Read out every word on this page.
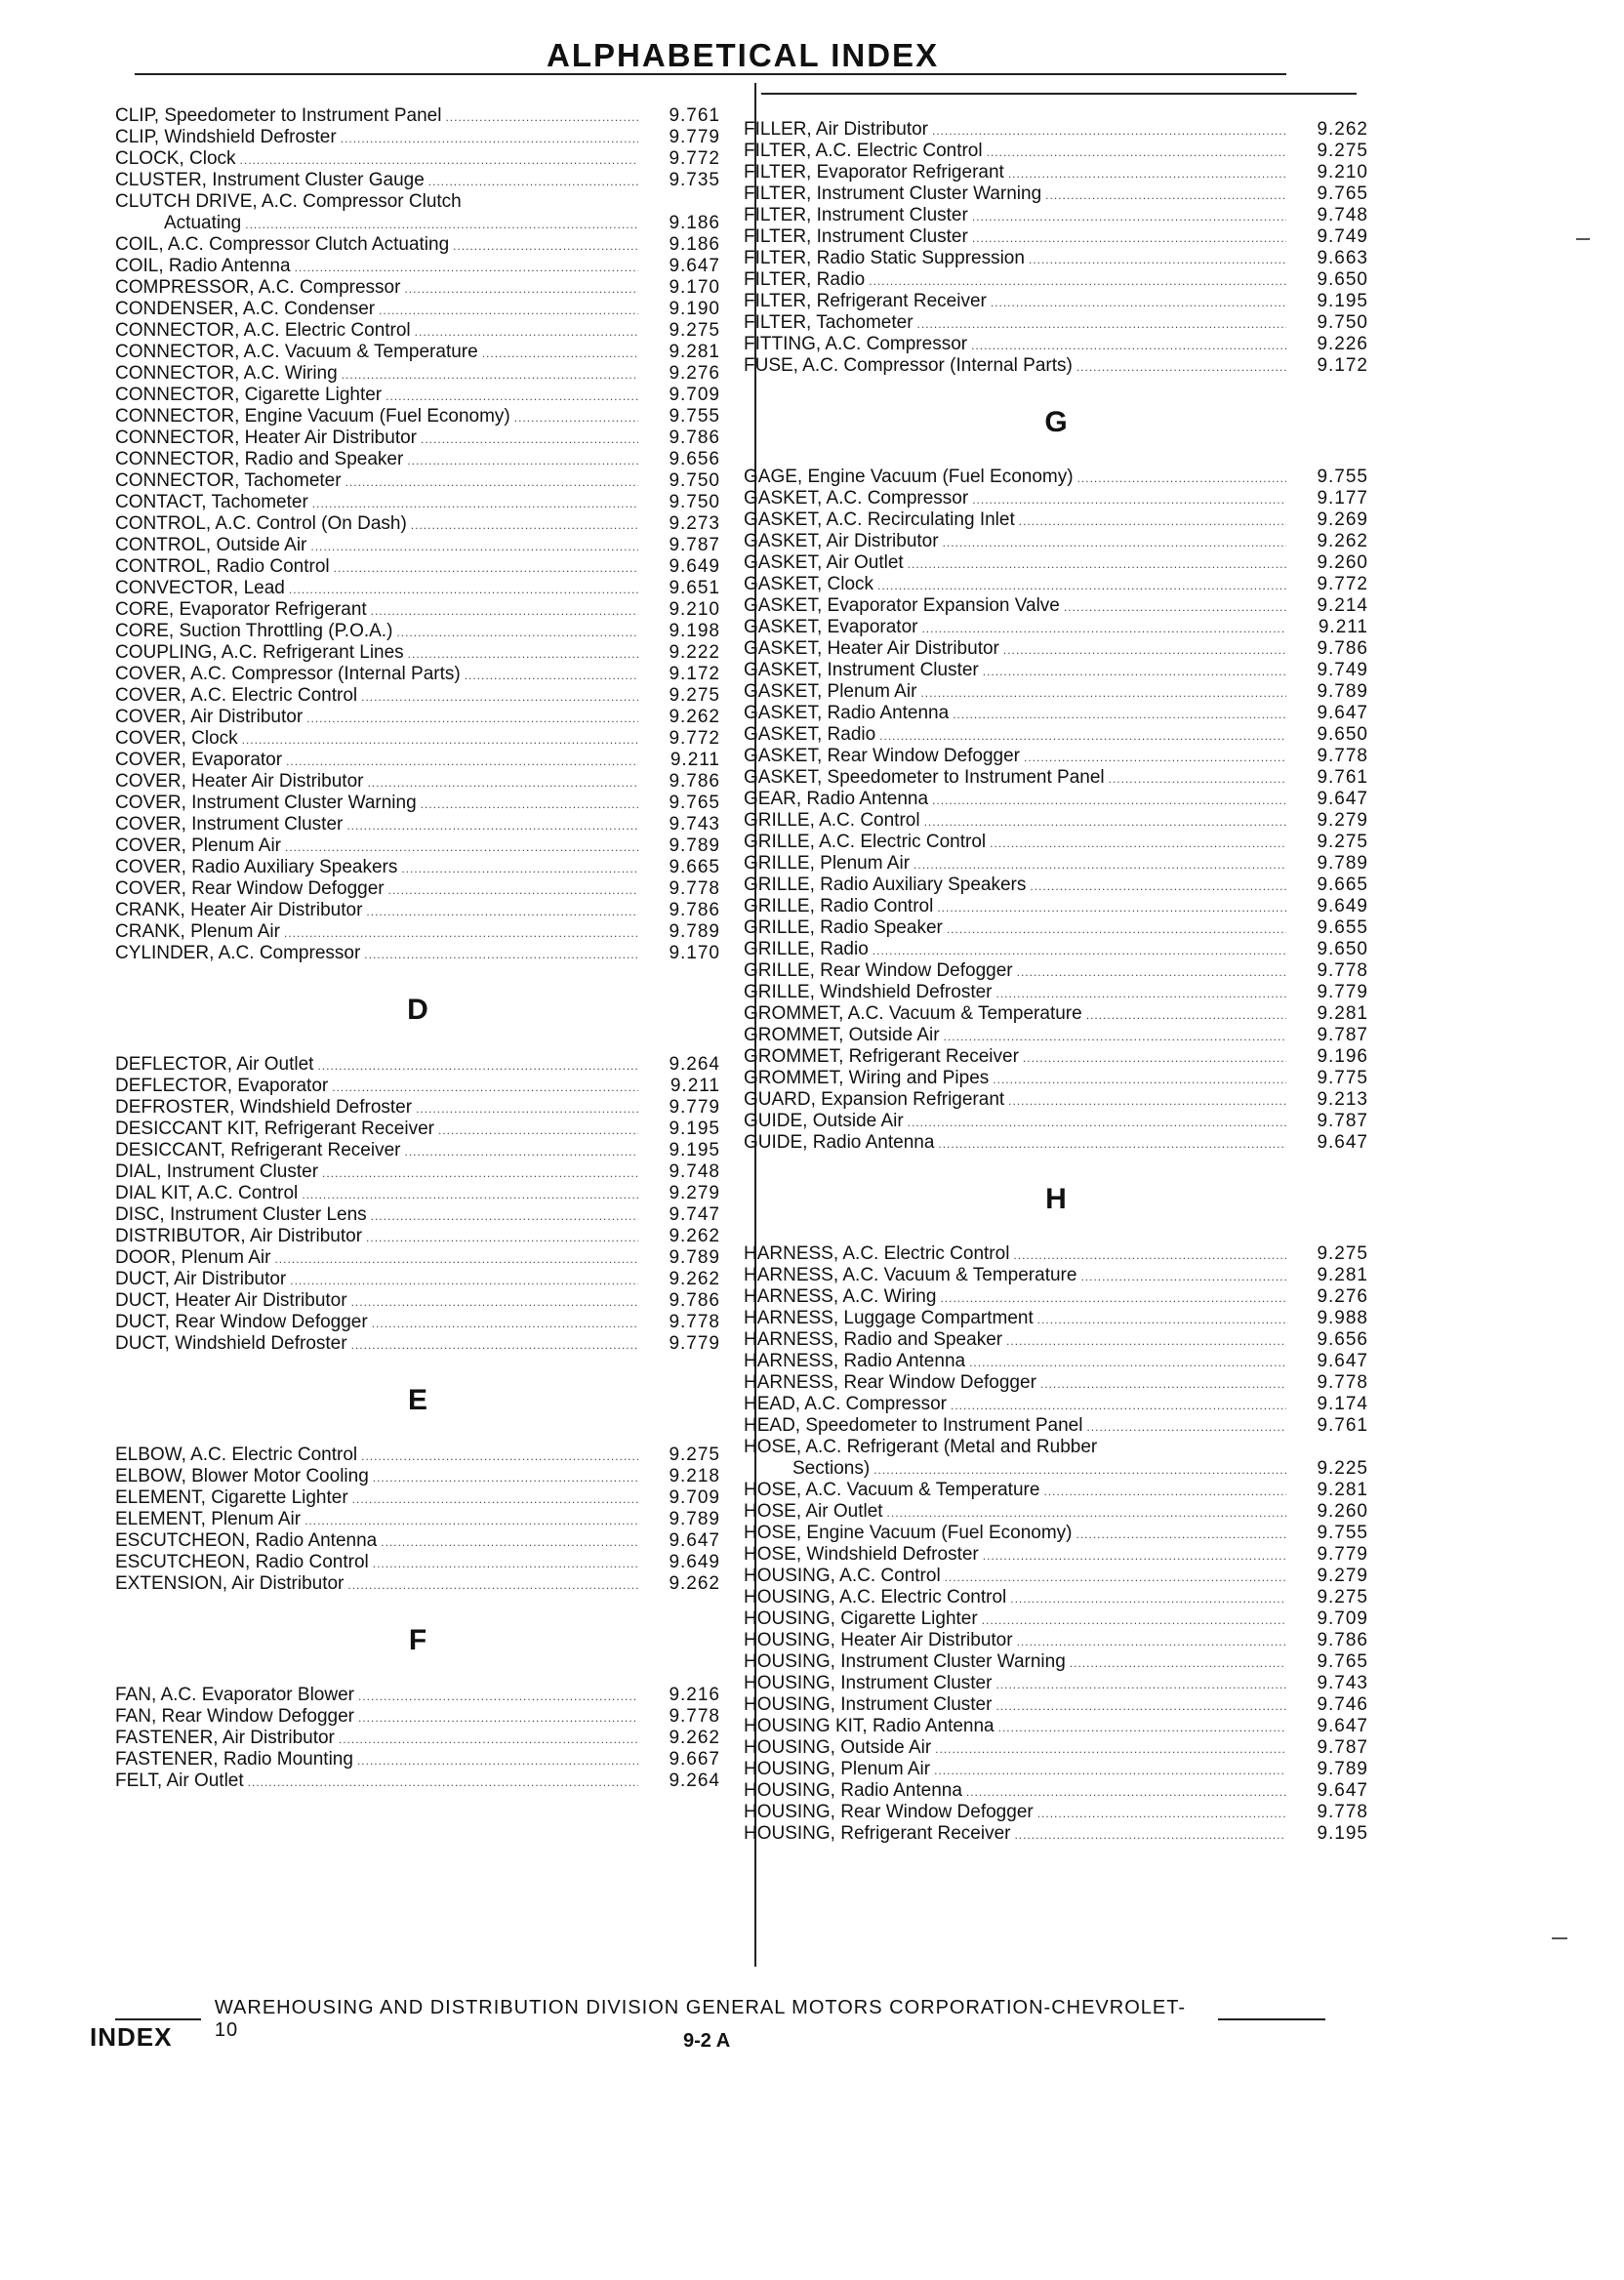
ALPHABETICAL INDEX
CLIP, Speedometer to Instrument Panel .....	9.761
CLIP, Windshield Defroster .....	9.779
CLOCK, Clock .....	9.772
CLUSTER, Instrument Cluster Gauge .....	9.735
CLUTCH DRIVE, A.C. Compressor Clutch
Actuating .....	9.186
COIL, A.C. Compressor Clutch Actuating .....	9.186
COIL, Radio Antenna .....	9.647
COMPRESSOR, A.C. Compressor .....	9.170
CONDENSER, A.C. Condenser .....	9.190
CONNECTOR, A.C. Electric Control .....	9.275
CONNECTOR, A.C. Vacuum & Temperature .....	9.281
CONNECTOR, A.C. Wiring .....	9.276
CONNECTOR, Cigarette Lighter .....	9.709
CONNECTOR, Engine Vacuum (Fuel Economy) .....	9.755
CONNECTOR, Heater Air Distributor .....	9.786
CONNECTOR, Radio and Speaker .....	9.656
CONNECTOR, Tachometer .....	9.750
CONTACT, Tachometer .....	9.750
CONTROL, A.C. Control (On Dash) .....	9.273
CONTROL, Outside Air .....	9.787
CONTROL, Radio Control .....	9.649
CONVECTOR, Lead .....	9.651
CORE, Evaporator Refrigerant .....	9.210
CORE, Suction Throttling (P.O.A.) .....	9.198
COUPLING, A.C. Refrigerant Lines .....	9.222
COVER, A.C. Compressor (Internal Parts) .....	9.172
COVER, A.C. Electric Control .....	9.275
COVER, Air Distributor .....	9.262
COVER, Clock .....	9.772
COVER, Evaporator .....	9.211
COVER, Heater Air Distributor .....	9.786
COVER, Instrument Cluster Warning .....	9.765
COVER, Instrument Cluster .....	9.743
COVER, Plenum Air .....	9.789
COVER, Radio Auxiliary Speakers .....	9.665
COVER, Rear Window Defogger .....	9.778
CRANK, Heater Air Distributor .....	9.786
CRANK, Plenum Air .....	9.789
CYLINDER, A.C. Compressor .....	9.170
D
DEFLECTOR, Air Outlet .....	9.264
DEFLECTOR, Evaporator .....	9.211
DEFROSTER, Windshield Defroster .....	9.779
DESICCANT KIT, Refrigerant Receiver .....	9.195
DESICCANT, Refrigerant Receiver .....	9.195
DIAL, Instrument Cluster .....	9.748
DIAL KIT, A.C. Control .....	9.279
DISC, Instrument Cluster Lens .....	9.747
DISTRIBUTOR, Air Distributor .....	9.262
DOOR, Plenum Air .....	9.789
DUCT, Air Distributor .....	9.262
DUCT, Heater Air Distributor .....	9.786
DUCT, Rear Window Defogger .....	9.778
DUCT, Windshield Defroster .....	9.779
E
ELBOW, A.C. Electric Control .....	9.275
ELBOW, Blower Motor Cooling .....	9.218
ELEMENT, Cigarette Lighter .....	9.709
ELEMENT, Plenum Air .....	9.789
ESCUTCHEON, Radio Antenna .....	9.647
ESCUTCHEON, Radio Control .....	9.649
EXTENSION, Air Distributor .....	9.262
F
FAN, A.C. Evaporator Blower .....	9.216
FAN, Rear Window Defogger .....	9.778
FASTENER, Air Distributor .....	9.262
FASTENER, Radio Mounting .....	9.667
FELT, Air Outlet .....	9.264
FILLER, Air Distributor .....	9.262
FILTER, A.C. Electric Control .....	9.275
FILTER, Evaporator Refrigerant .....	9.210
FILTER, Instrument Cluster Warning .....	9.765
FILTER, Instrument Cluster .....	9.748
FILTER, Instrument Cluster .....	9.749
FILTER, Radio Static Suppression .....	9.663
FILTER, Radio .....	9.650
FILTER, Refrigerant Receiver .....	9.195
FILTER, Tachometer .....	9.750
FITTING, A.C. Compressor .....	9.226
FUSE, A.C. Compressor (Internal Parts) .....	9.172
G
GAGE, Engine Vacuum (Fuel Economy) .....	9.755
GASKET, A.C. Compressor .....	9.177
GASKET, A.C. Recirculating Inlet .....	9.269
GASKET, Air Distributor .....	9.262
GASKET, Air Outlet .....	9.260
GASKET, Clock .....	9.772
GASKET, Evaporator Expansion Valve .....	9.214
GASKET, Evaporator .....	9.211
GASKET, Heater Air Distributor .....	9.786
GASKET, Instrument Cluster .....	9.749
GASKET, Plenum Air .....	9.789
GASKET, Radio Antenna .....	9.647
GASKET, Radio .....	9.650
GASKET, Rear Window Defogger .....	9.778
GASKET, Speedometer to Instrument Panel .....	9.761
GEAR, Radio Antenna .....	9.647
GRILLE, A.C. Control .....	9.279
GRILLE, A.C. Electric Control .....	9.275
GRILLE, Plenum Air .....	9.789
GRILLE, Radio Auxiliary Speakers .....	9.665
GRILLE, Radio Control .....	9.649
GRILLE, Radio Speaker .....	9.655
GRILLE, Radio .....	9.650
GRILLE, Rear Window Defogger .....	9.778
GRILLE, Windshield Defroster .....	9.779
GROMMET, A.C. Vacuum & Temperature .....	9.281
GROMMET, Outside Air .....	9.787
GROMMET, Refrigerant Receiver .....	9.196
GROMMET, Wiring and Pipes .....	9.775
GUARD, Expansion Refrigerant .....	9.213
GUIDE, Outside Air .....	9.787
GUIDE, Radio Antenna .....	9.647
H
HARNESS, A.C. Electric Control .....	9.275
HARNESS, A.C. Vacuum & Temperature .....	9.281
HARNESS, A.C. Wiring .....	9.276
HARNESS, Luggage Compartment .....	9.988
HARNESS, Radio and Speaker .....	9.656
HARNESS, Radio Antenna .....	9.647
HARNESS, Rear Window Defogger .....	9.778
HEAD, A.C. Compressor .....	9.174
HEAD, Speedometer to Instrument Panel .....	9.761
HOSE, A.C. Refrigerant (Metal and Rubber
Sections) .....	9.225
HOSE, A.C. Vacuum & Temperature .....	9.281
HOSE, Air Outlet .....	9.260
HOSE, Engine Vacuum (Fuel Economy) .....	9.755
HOSE, Windshield Defroster .....	9.779
HOUSING, A.C. Control .....	9.279
HOUSING, A.C. Electric Control .....	9.275
HOUSING, Cigarette Lighter .....	9.709
HOUSING, Heater Air Distributor .....	9.786
HOUSING, Instrument Cluster Warning .....	9.765
HOUSING, Instrument Cluster .....	9.743
HOUSING, Instrument Cluster .....	9.746
HOUSING KIT, Radio Antenna .....	9.647
HOUSING, Outside Air .....	9.787
HOUSING, Plenum Air .....	9.789
HOUSING, Radio Antenna .....	9.647
HOUSING, Rear Window Defogger .....	9.778
HOUSING, Refrigerant Receiver .....	9.195
WAREHOUSING AND DISTRIBUTION DIVISION GENERAL MOTORS CORPORATION-CHEVROLET-10
INDEX	9-2 A
